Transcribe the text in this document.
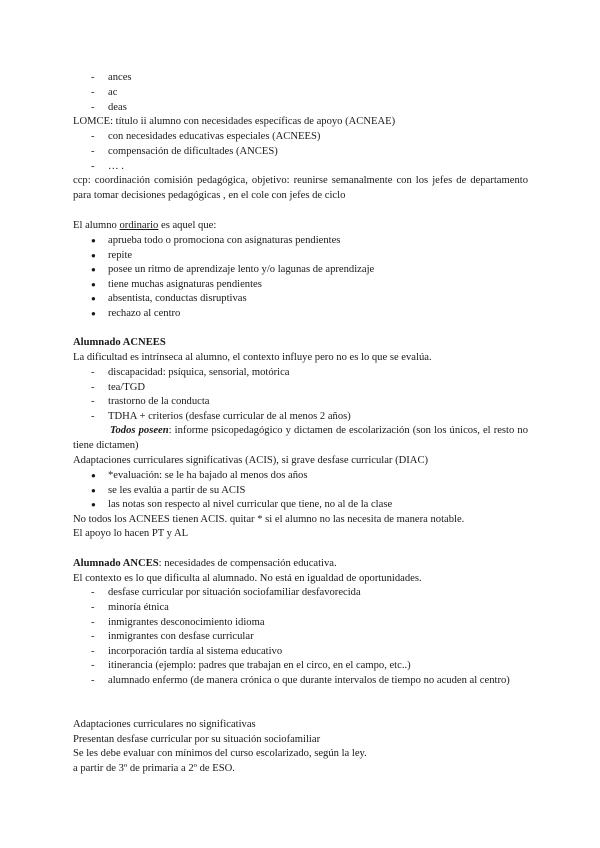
- ances
- ac
- deas
LOMCE: título ii alumno con necesidades específicas de apoyo (ACNEAE)
- con necesidades educativas especiales (ACNEES)
- compensación de dificultades (ANCES)
- … .
ccp: coordinación comisión pedagógica, objetivo: reunirse semanalmente con los jefes de departamento para tomar decisiones pedagógicas , en el cole con jefes de ciclo
El alumno ordinario es aquel que:
● aprueba todo o promociona con asignaturas pendientes
● repite
● posee un ritmo de aprendizaje lento y/o lagunas de aprendizaje
● tiene muchas asignaturas pendientes
● absentista, conductas disruptivas
● rechazo al centro
Alumnado ACNEES
La dificultad es intrínseca al alumno, el contexto influye pero no es lo que se evalúa.
- discapacidad: psíquica, sensorial, motórica
- tea/TGD
- trastorno de la conducta
- TDHA + criterios (desfase curricular de al menos 2 años)
Todos poseen: informe psicopedagógico y dictamen de escolarización (son los únicos, el resto no tiene dictamen)
Adaptaciones curriculares significativas (ACIS), si grave desfase curricular (DIAC)
● *evaluación: se le ha bajado al menos dos años
● se les evalúa a partir de su ACIS
● las notas son respecto al nivel curricular que tiene, no al de la clase
No todos los ACNEES tienen ACIS. quitar * si el alumno no las necesita de manera notable.
El apoyo lo hacen PT y AL
Alumnado ANCES: necesidades de compensación educativa.
El contexto es lo que dificulta al alumnado. No está en igualdad de oportunidades.
- desfase curricular por situación sociofamiliar desfavorecida
- minoría étnica
- inmigrantes desconocimiento idioma
- inmigrantes con desfase curricular
- incorporación tardía al sistema educativo
- itinerancia (ejemplo: padres que trabajan en el circo, en el campo, etc..)
- alumnado enfermo (de manera crónica o que durante intervalos de tiempo no acuden al centro)
Adaptaciones curriculares no significativas
Presentan desfase curricular por su situación sociofamiliar
Se les debe evaluar con mínimos del curso escolarizado, según la ley.
a partir de 3º de primaria a 2º de ESO.
